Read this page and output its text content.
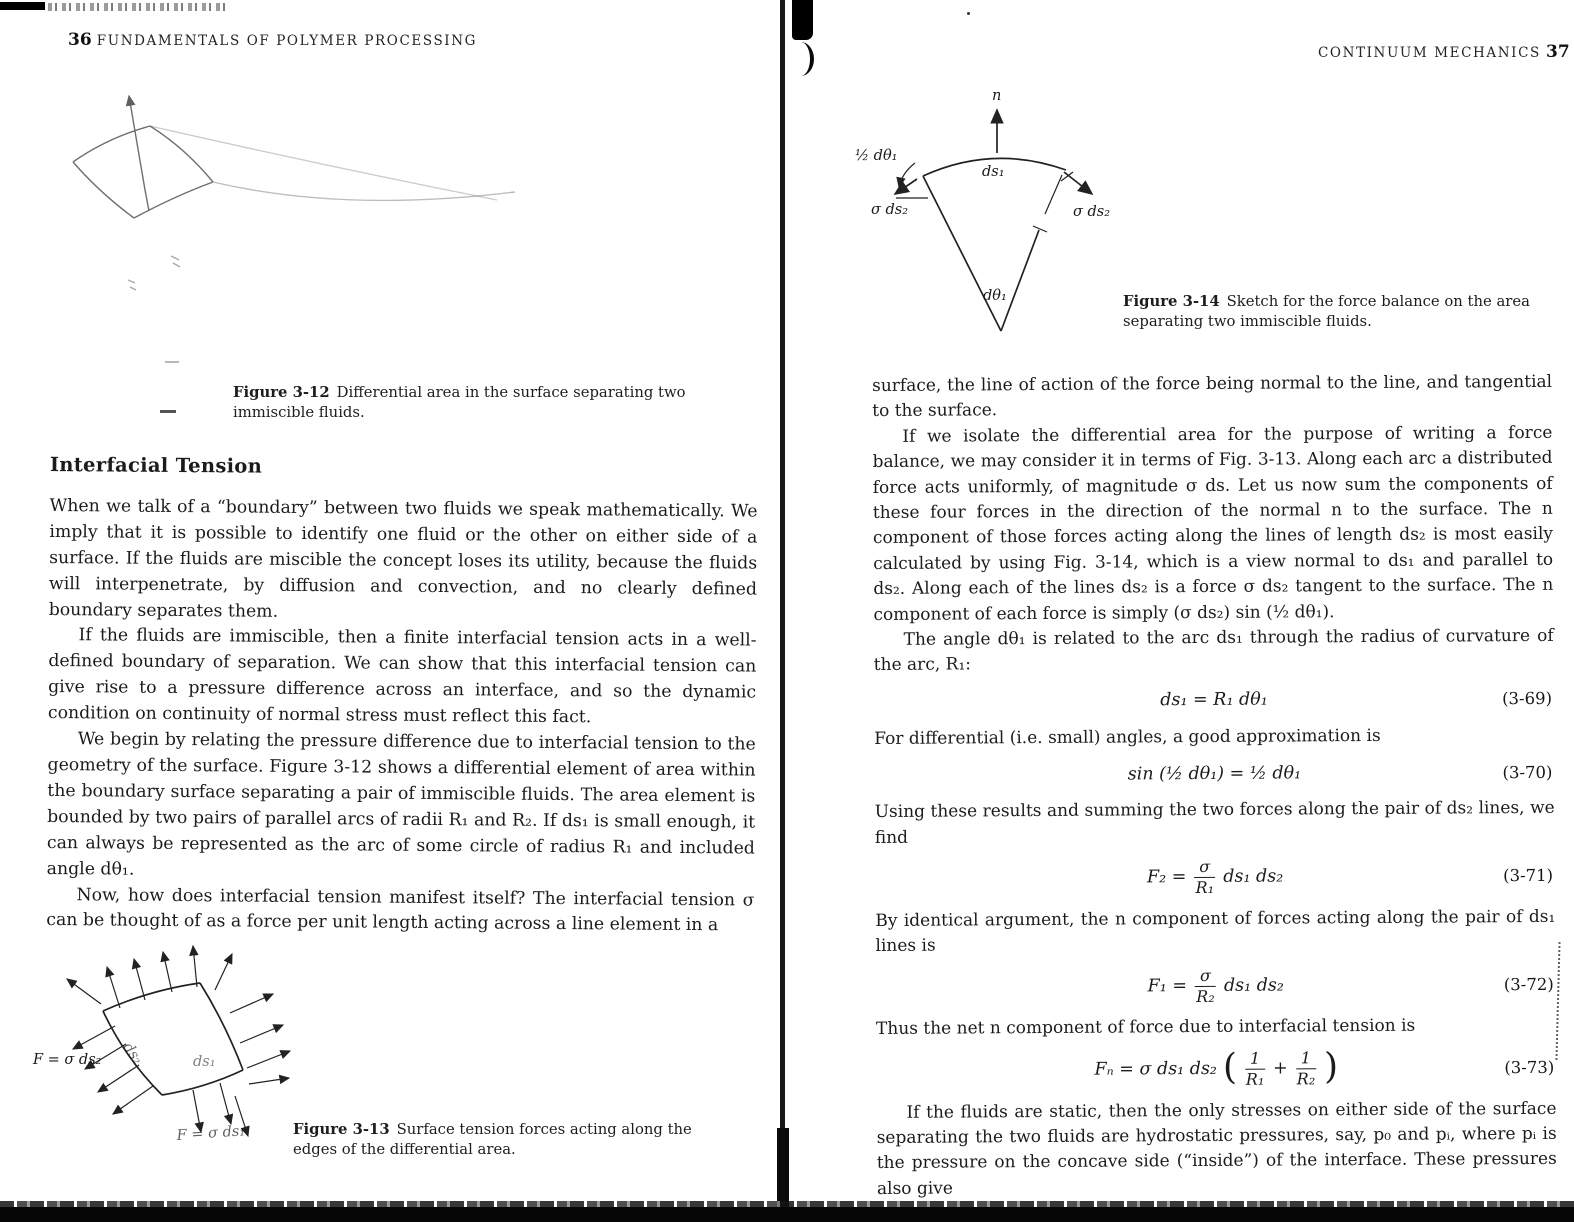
36 FUNDAMENTALS OF POLYMER PROCESSING
CONTINUUM MECHANICS 37
Figure 3-12 Differential area in the surface separating two immiscible fluids.
Interfacial Tension

When we talk of a “boundary” between two fluids we speak mathematically. We imply that it is possible to identify one fluid or the other on either side of a surface. If the fluids are miscible the concept loses its utility, because the fluids will interpenetrate, by diffusion and convection, and no clearly defined boundary separates them.

If the fluids are immiscible, then a finite interfacial tension acts in a well-defined boundary of separation. We can show that this interfacial tension can give rise to a pressure difference across an interface, and so the dynamic condition on continuity of normal stress must reflect this fact.

We begin by relating the pressure difference due to interfacial tension to the geometry of the surface. Figure 3-12 shows a differential element of area within the boundary surface separating a pair of immiscible fluids. The area element is bounded by two pairs of parallel arcs of radii R₁ and R₂. If ds₁ is small enough, it can always be represented as the arc of some circle of radius R₁ and included angle dθ₁.

Now, how does interfacial tension manifest itself? The interfacial tension σ can be thought of as a force per unit length acting across a line element in a

F = σ ds₂ ds₂	ds₁
F = σ ds₁	Figure 3-13 Surface tension forces acting along the edges of the differential area.
n
ds₁
½ dθ₁
σ ds₂	σ ds₂
dθ₁	Figure 3-14 Sketch for the force balance on the area separating two immiscible fluids.

surface, the line of action of the force being normal to the line, and tangential to the surface.

If we isolate the differential area for the purpose of writing a force balance, we may consider it in terms of Fig. 3-13. Along each arc a distributed force acts uniformly, of magnitude σ ds. Let us now sum the components of these four forces in the direction of the normal n to the surface. The n component of those forces acting along the lines of length ds₂ is most easily calculated by using Fig. 3-14, which is a view normal to ds₁ and parallel to ds₂. Along each of the lines ds₂ is a force σ ds₂ tangent to the surface. The n component of each force is simply (σ ds₂) sin (½ dθ₁).

The angle dθ₁ is related to the arc ds₁ through the radius of curvature of the arc, R₁:

ds₁ = R₁ dθ₁	(3-69)

For differential (i.e. small) angles, a good approximation is

sin (½ dθ₁) = ½ dθ₁	(3-70)

Using these results and summing the two forces along the pair of ds₂ lines, we find

$F_2 = \frac{\sigma}{\text{R₁}} ds_1$ ds₂	(3-71)

By identical argument, the n component of forces acting along the pair of ds₁ lines is

$F_1 = \frac{\sigma}{\text{R₂}} ds_1$ ds₂	(3-72)

Thus the net n component of force due to interfacial tension is

Fₙ = σ ds₁ ds₂ ( $\frac{1}{\text{R₁}} + \frac{1}{\text{R₂}}$ )	(3-73)

If the fluids are static, then the only stresses on either side of the surface separating the two fluids are hydrostatic pressures, say, p₀ and pᵢ, where pᵢ is the pressure on the concave side (“inside”) of the interface. These pressures also give
